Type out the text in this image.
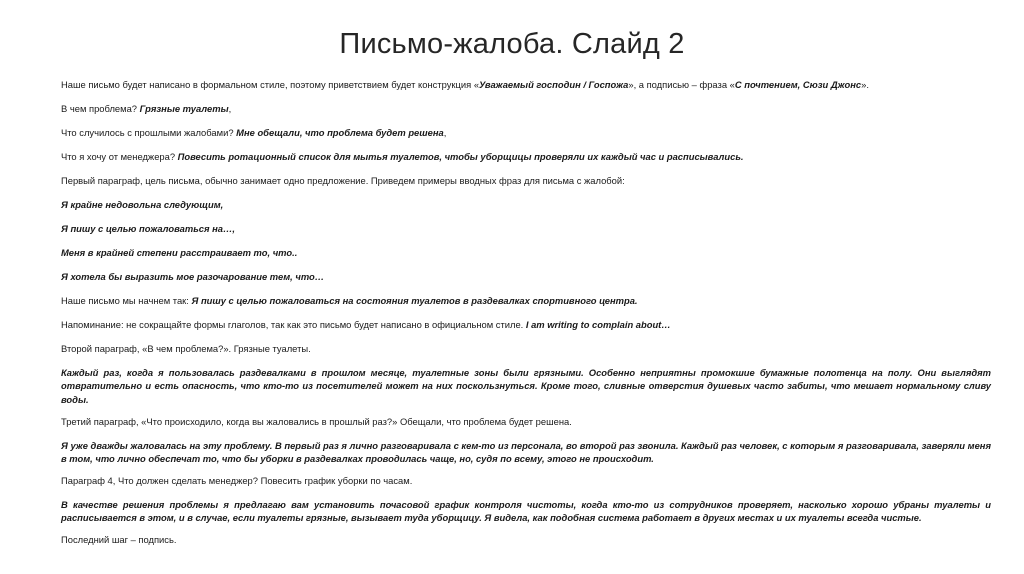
Письмо-жалоба. Слайд 2

Наше письмо будет написано в формальном стиле, поэтому приветствием будет конструкция «Уважаемый господин / Госпожа», а подписью – фраза «С почтением, Сюзи Джонс».

В чем проблема? Грязные туалеты,

Что случилось с прошлыми жалобами? Мне обещали, что проблема будет решена,

Что я хочу от менеджера? Повесить ротационный список для мытья туалетов, чтобы уборщицы проверяли их каждый час и расписывались.

Первый параграф, цель письма, обычно занимает одно предложение. Приведем примеры вводных фраз для письма с жалобой:

Я крайне недовольна следующим,

Я пишу с целью пожаловаться на…,

Меня в крайней степени расстраивает то, что..

Я хотела бы выразить мое разочарование тем, что…

Наше письмо мы начнем так: Я пишу с целью пожаловаться на состояния туалетов в раздевалках спортивного центра.

Напоминание: не сокращайте формы глаголов, так как это письмо будет написано в официальном стиле. I am writing to complain about…

Второй параграф, «В чем проблема?». Грязные туалеты.

Каждый раз, когда я пользовалась раздевалками в прошлом месяце, туалетные зоны были грязными. Особенно неприятны промокшие бумажные полотенца на полу. Они выглядят отвратительно и есть опасность, что кто-то из посетителей может на них поскользнуться. Кроме того, сливные отверстия душевых часто забиты, что мешает нормальному сливу воды.

Третий параграф, «Что происходило, когда вы жаловались в прошлый раз?» Обещали, что проблема будет решена.

Я уже дважды жаловалась на эту проблему. В первый раз я лично разговаривала с кем-то из персонала, во второй раз звонила. Каждый раз человек, с которым я разговаривала, заверяли меня в том, что лично обеспечат то, что бы уборки в раздевалках проводилась чаще, но, судя по всему, этого не происходит.

Параграф 4, Что должен сделать менеджер? Повесить график уборки по часам.

В качестве решения проблемы я предлагаю вам установить почасовой график контроля чистоты, когда кто-то из сотрудников проверяет, насколько хорошо убраны туалеты и расписывается в этом, и в случае, если туалеты грязные, вызывает туда уборщицу. Я видела, как подобная система работает в других местах и их туалеты всегда чистые.

Последний шаг – подпись.
